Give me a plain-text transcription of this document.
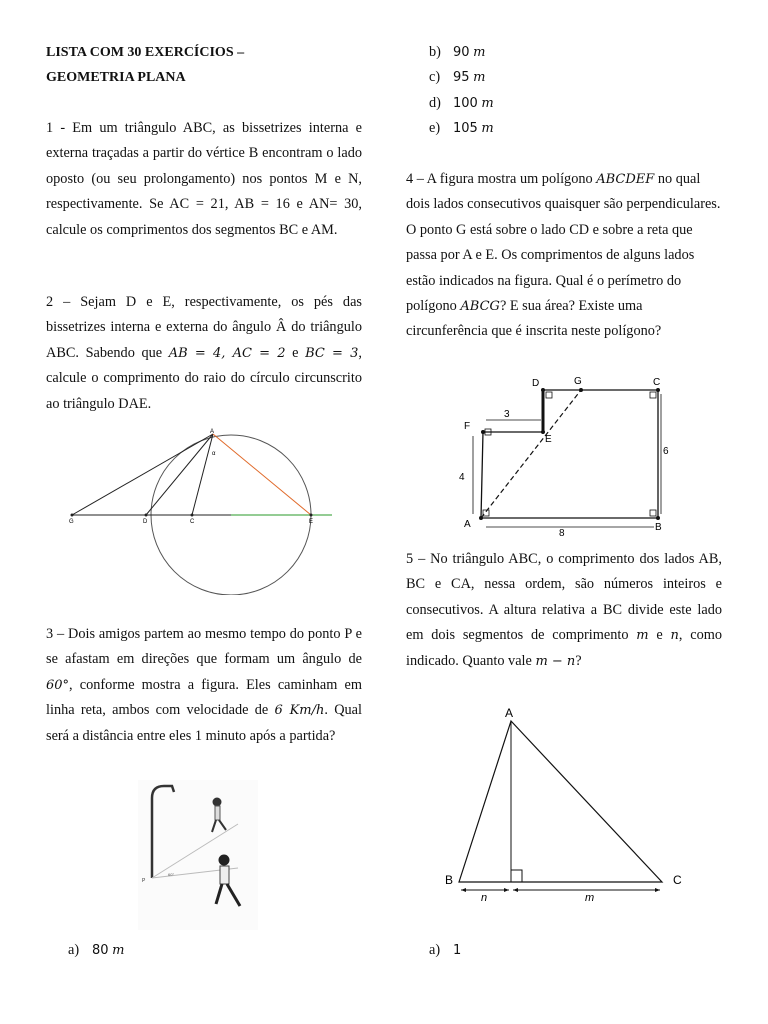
LISTA COM 30 EXERCÍCIOS –
GEOMETRIA PLANA
1 - Em um triângulo ABC, as bissetrizes interna e externa traçadas a partir do vértice B encontram o lado oposto (ou seu prolongamento) nos pontos M e N, respectivamente. Se AC = 21, AB = 16 e AN= 30, calcule os comprimentos dos segmentos BC e AM.
2 – Sejam D e E, respectivamente, os pés das bissetrizes interna e externa do ângulo Â do triângulo ABC. Sabendo que AB = 4, AC = 2 e BC = 3, calcule o comprimento do raio do círculo circunscrito ao triângulo DAE.
A
α
G	D	C	E
3 – Dois amigos partem ao mesmo tempo do ponto P e se afastam em direções que formam um ângulo de 60°, conforme mostra a figura. Eles caminham em linha reta, ambos com velocidade de 6 Km/h. Qual será a distância entre eles 1 minuto após a partida?
P
60°
a) 80
m
b) 90
m
c) 95
m
d) 100
m
e) 105
m
4 – A figura mostra um polígono ABCDEF no qual dois lados consecutivos quaisquer são perpendiculares. O ponto G está sobre o lado CD e sobre a reta que passa por A e E. Os comprimentos de alguns lados estão indicados na figura. Qual é o perímetro do polígono ABCG? E sua área? Existe uma circunferência que é inscrita neste polígono?
D	G	C
F
E
A	B
3
4
6
8
5 – No triângulo ABC, o comprimento dos lados AB, BC e CA, nessa ordem, são números inteiros e consecutivos. A altura relativa a BC divide este lado em dois segmentos de comprimento m e n, como indicado. Quanto vale m − n?
A
B	C
n	m
a) 1
